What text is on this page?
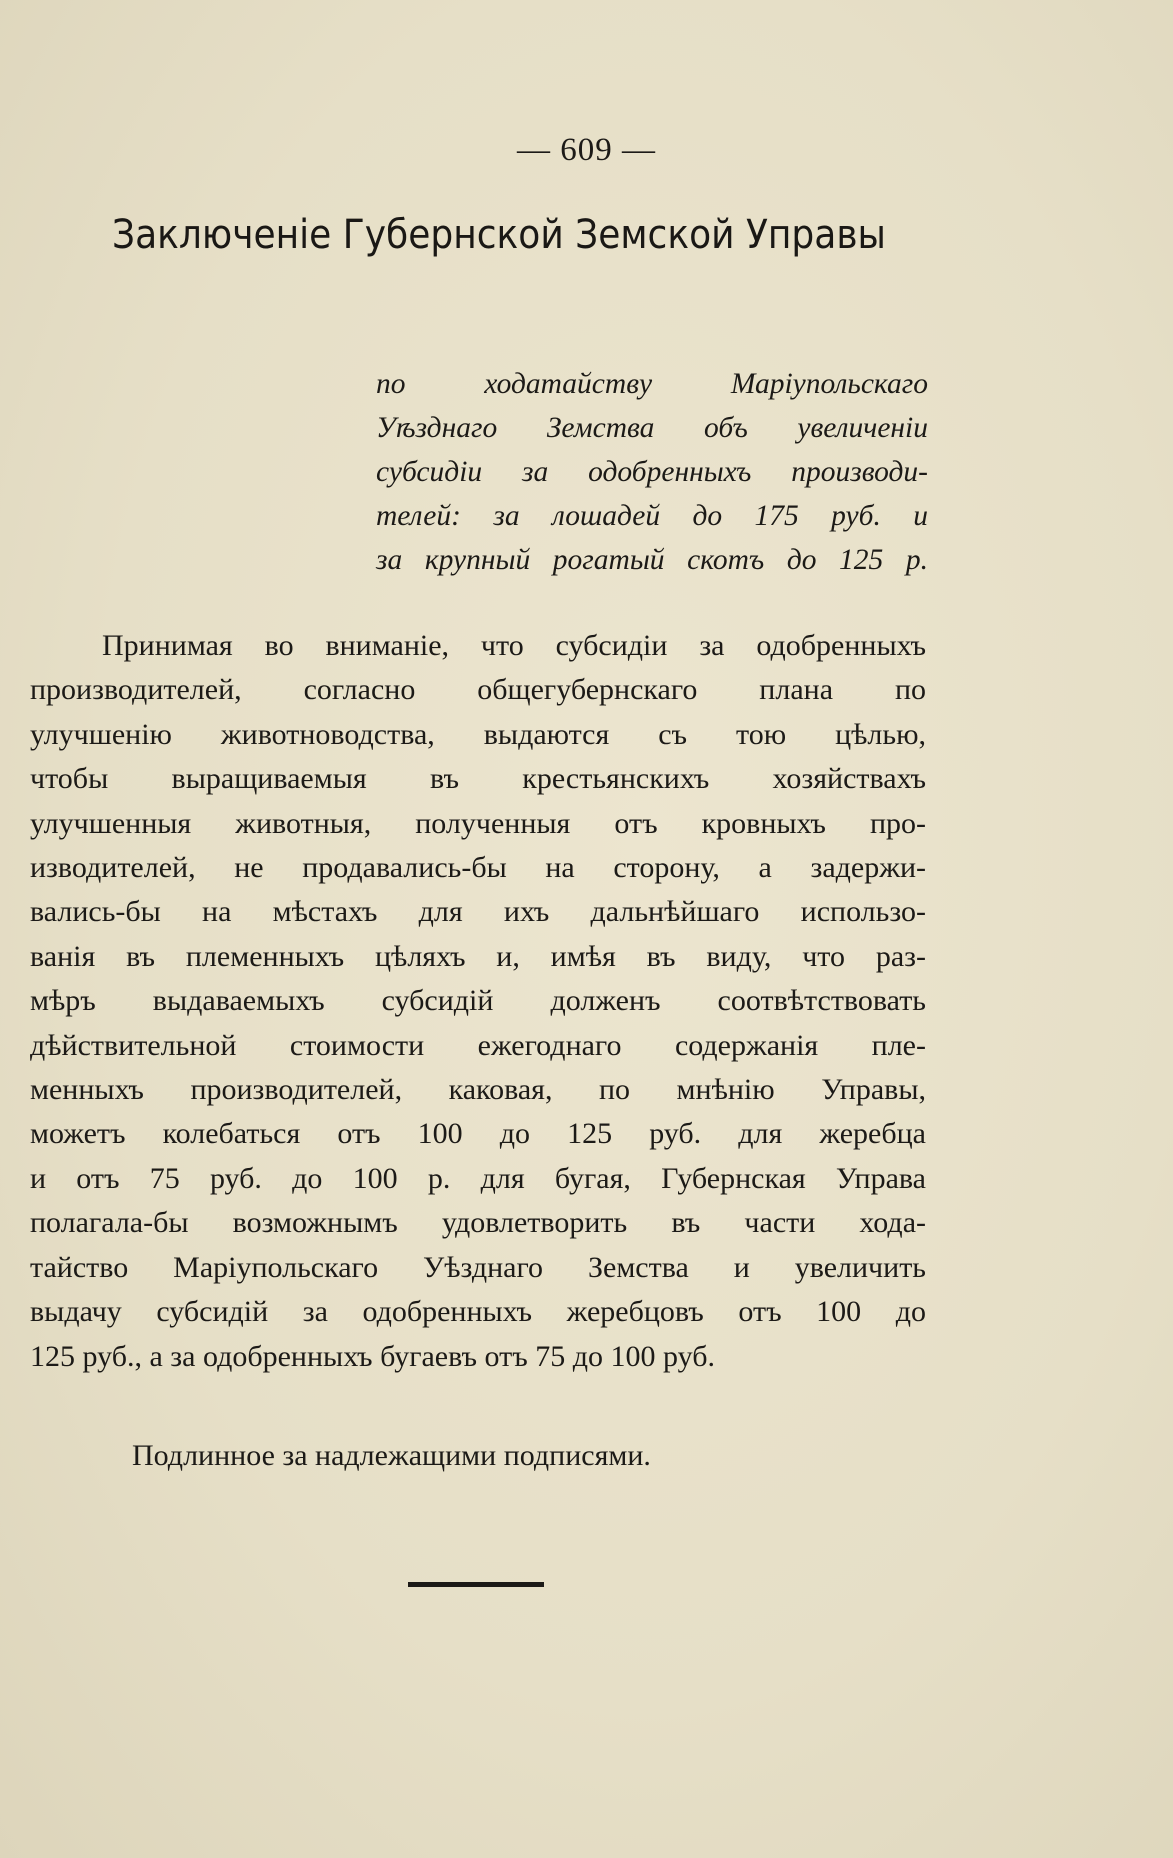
— 609 —
Заключеніе Губернской Земской Управы
по ходатайству Маріупольскаго
Уѣзднаго Земства объ увеличеніи
субсидіи за одобренныхъ производи-
телей: за лошадей до 175 руб. и
за крупный рогатый скотъ до 125 р.
Принимая во вниманіе, что субсидіи за одобренныхъ
производителей, согласно общегубернскаго плана по
улучшенію животноводства, выдаются съ тою цѣлью,
чтобы выращиваемыя въ крестьянскихъ хозяйствахъ
улучшенныя животныя, полученныя отъ кровныхъ про-
изводителей, не продавались-бы на сторону, а задержи-
вались-бы на мѣстахъ для ихъ дальнѣйшаго использо-
ванія въ племенныхъ цѣляхъ и, имѣя въ виду, что раз-
мѣръ выдаваемыхъ субсидій долженъ соотвѣтствовать
дѣйствительной стоимости ежегоднаго содержанія пле-
менныхъ производителей, каковая, по мнѣнію Управы,
можетъ колебаться отъ 100 до 125 руб. для жеребца
и отъ 75 руб. до 100 р. для бугая, Губернская Управа
полагала-бы возможнымъ удовлетворить въ части хода-
тайство Маріупольскаго Уѣзднаго Земства и увеличить
выдачу субсидій за одобренныхъ жеребцовъ отъ 100 до
125 руб., а за одобренныхъ бугаевъ отъ 75 до 100 руб.
Подлинное за надлежащими подписями.
